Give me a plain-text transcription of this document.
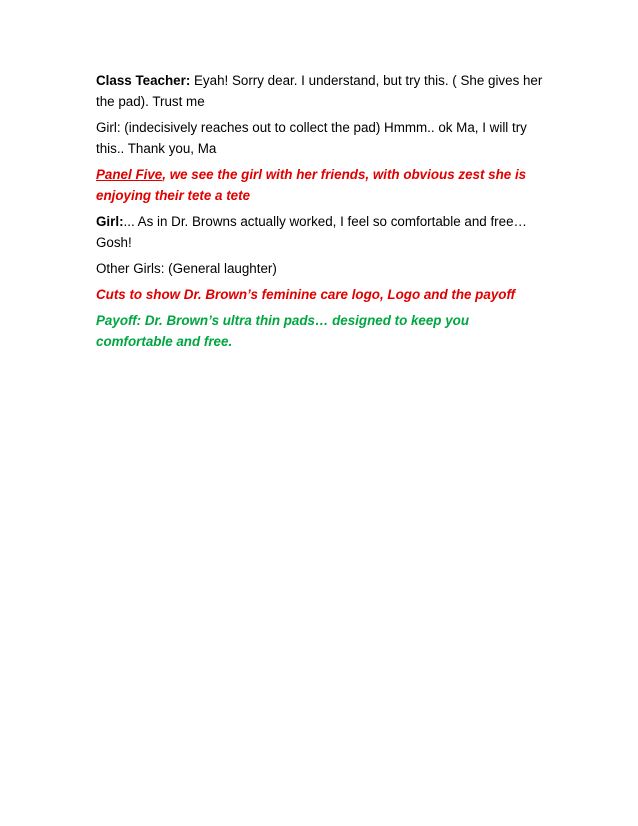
Class Teacher: Eyah! Sorry dear. I understand, but try this. ( She gives her the pad). Trust me

Girl: (indecisively reaches out to collect the pad) Hmmm.. ok Ma, I will try this.. Thank you, Ma

Panel Five, we see the girl with her friends, with obvious zest she is enjoying their tete a tete

Girl:... As in Dr. Browns actually worked, I feel so comfortable and free… Gosh!

Other Girls: (General laughter)

Cuts to show Dr. Brown’s feminine care logo, Logo and the payoff

Payoff: Dr. Brown’s ultra thin pads… designed to keep you comfortable and free.
